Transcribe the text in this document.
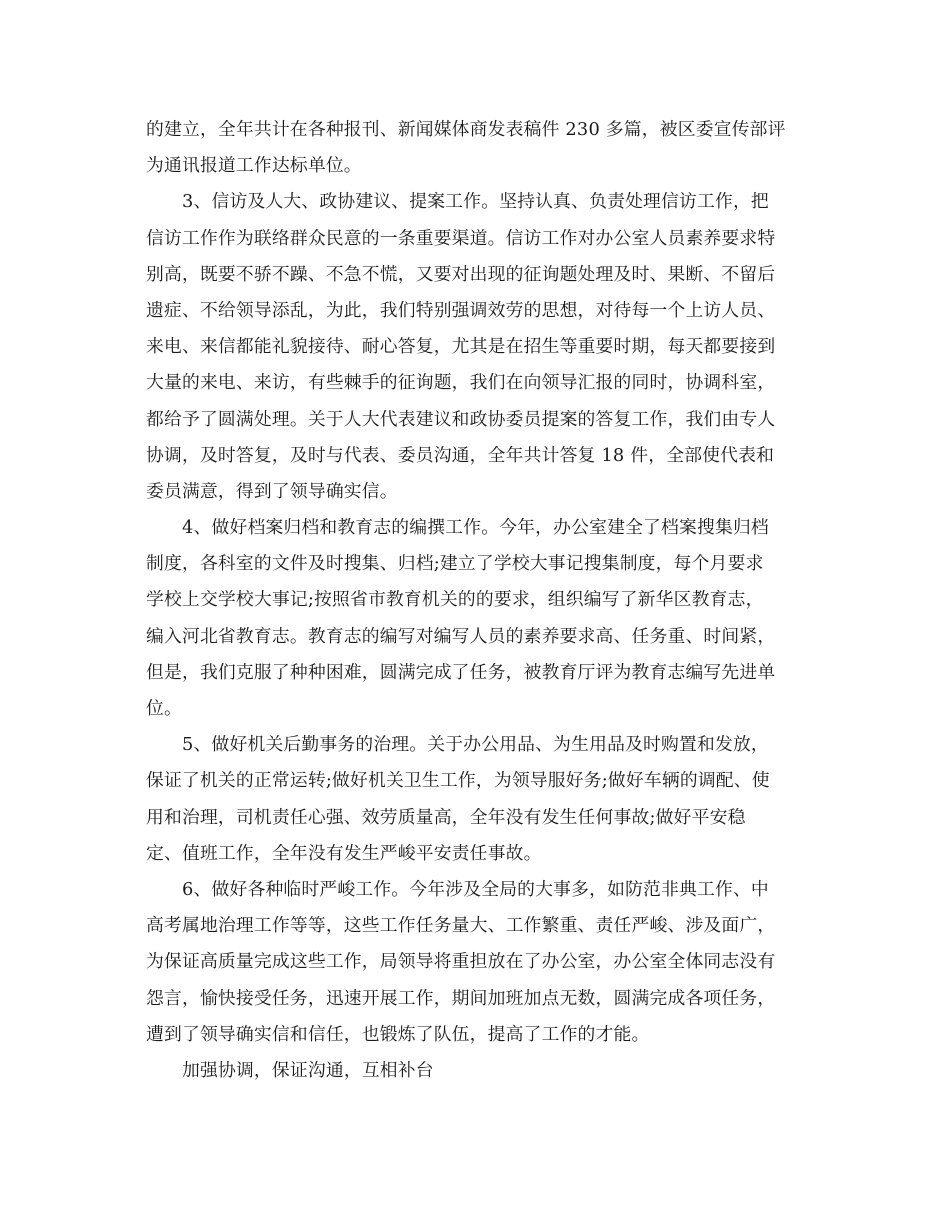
的建立，全年共计在各种报刊、新闻媒体商发表稿件 230 多篇，被区委宣传部评
为通讯报道工作达标单位。
3、信访及人大、政协建议、提案工作。坚持认真、负责处理信访工作，把
信访工作作为联络群众民意的一条重要渠道。信访工作对办公室人员素养要求特
别高，既要不骄不躁、不急不慌，又要对出现的征询题处理及时、果断、不留后
遗症、不给领导添乱，为此，我们特别强调效劳的思想，对待每一个上访人员、
来电、来信都能礼貌接待、耐心答复，尤其是在招生等重要时期，每天都要接到
大量的来电、来访，有些棘手的征询题，我们在向领导汇报的同时，协调科室，
都给予了圆满处理。关于人大代表建议和政协委员提案的答复工作，我们由专人
协调，及时答复，及时与代表、委员沟通，全年共计答复 18 件，全部使代表和
委员满意，得到了领导确实信。
4、做好档案归档和教育志的编撰工作。今年，办公室建全了档案搜集归档
制度，各科室的文件及时搜集、归档;建立了学校大事记搜集制度，每个月要求
学校上交学校大事记;按照省市教育机关的的要求，组织编写了新华区教育志，
编入河北省教育志。教育志的编写对编写人员的素养要求高、任务重、时间紧，
但是，我们克服了种种困难，圆满完成了任务，被教育厅评为教育志编写先进单
位。
5、做好机关后勤事务的治理。关于办公用品、为生用品及时购置和发放，
保证了机关的正常运转;做好机关卫生工作，为领导服好务;做好车辆的调配、使
用和治理，司机责任心强、效劳质量高，全年没有发生任何事故;做好平安稳
定、值班工作，全年没有发生严峻平安责任事故。
6、做好各种临时严峻工作。今年涉及全局的大事多，如防范非典工作、中
高考属地治理工作等等，这些工作任务量大、工作繁重、责任严峻、涉及面广，
为保证高质量完成这些工作，局领导将重担放在了办公室，办公室全体同志没有
怨言，愉快接受任务，迅速开展工作，期间加班加点无数，圆满完成各项任务，
遭到了领导确实信和信任，也锻炼了队伍，提高了工作的才能。
加强协调，保证沟通，互相补台
